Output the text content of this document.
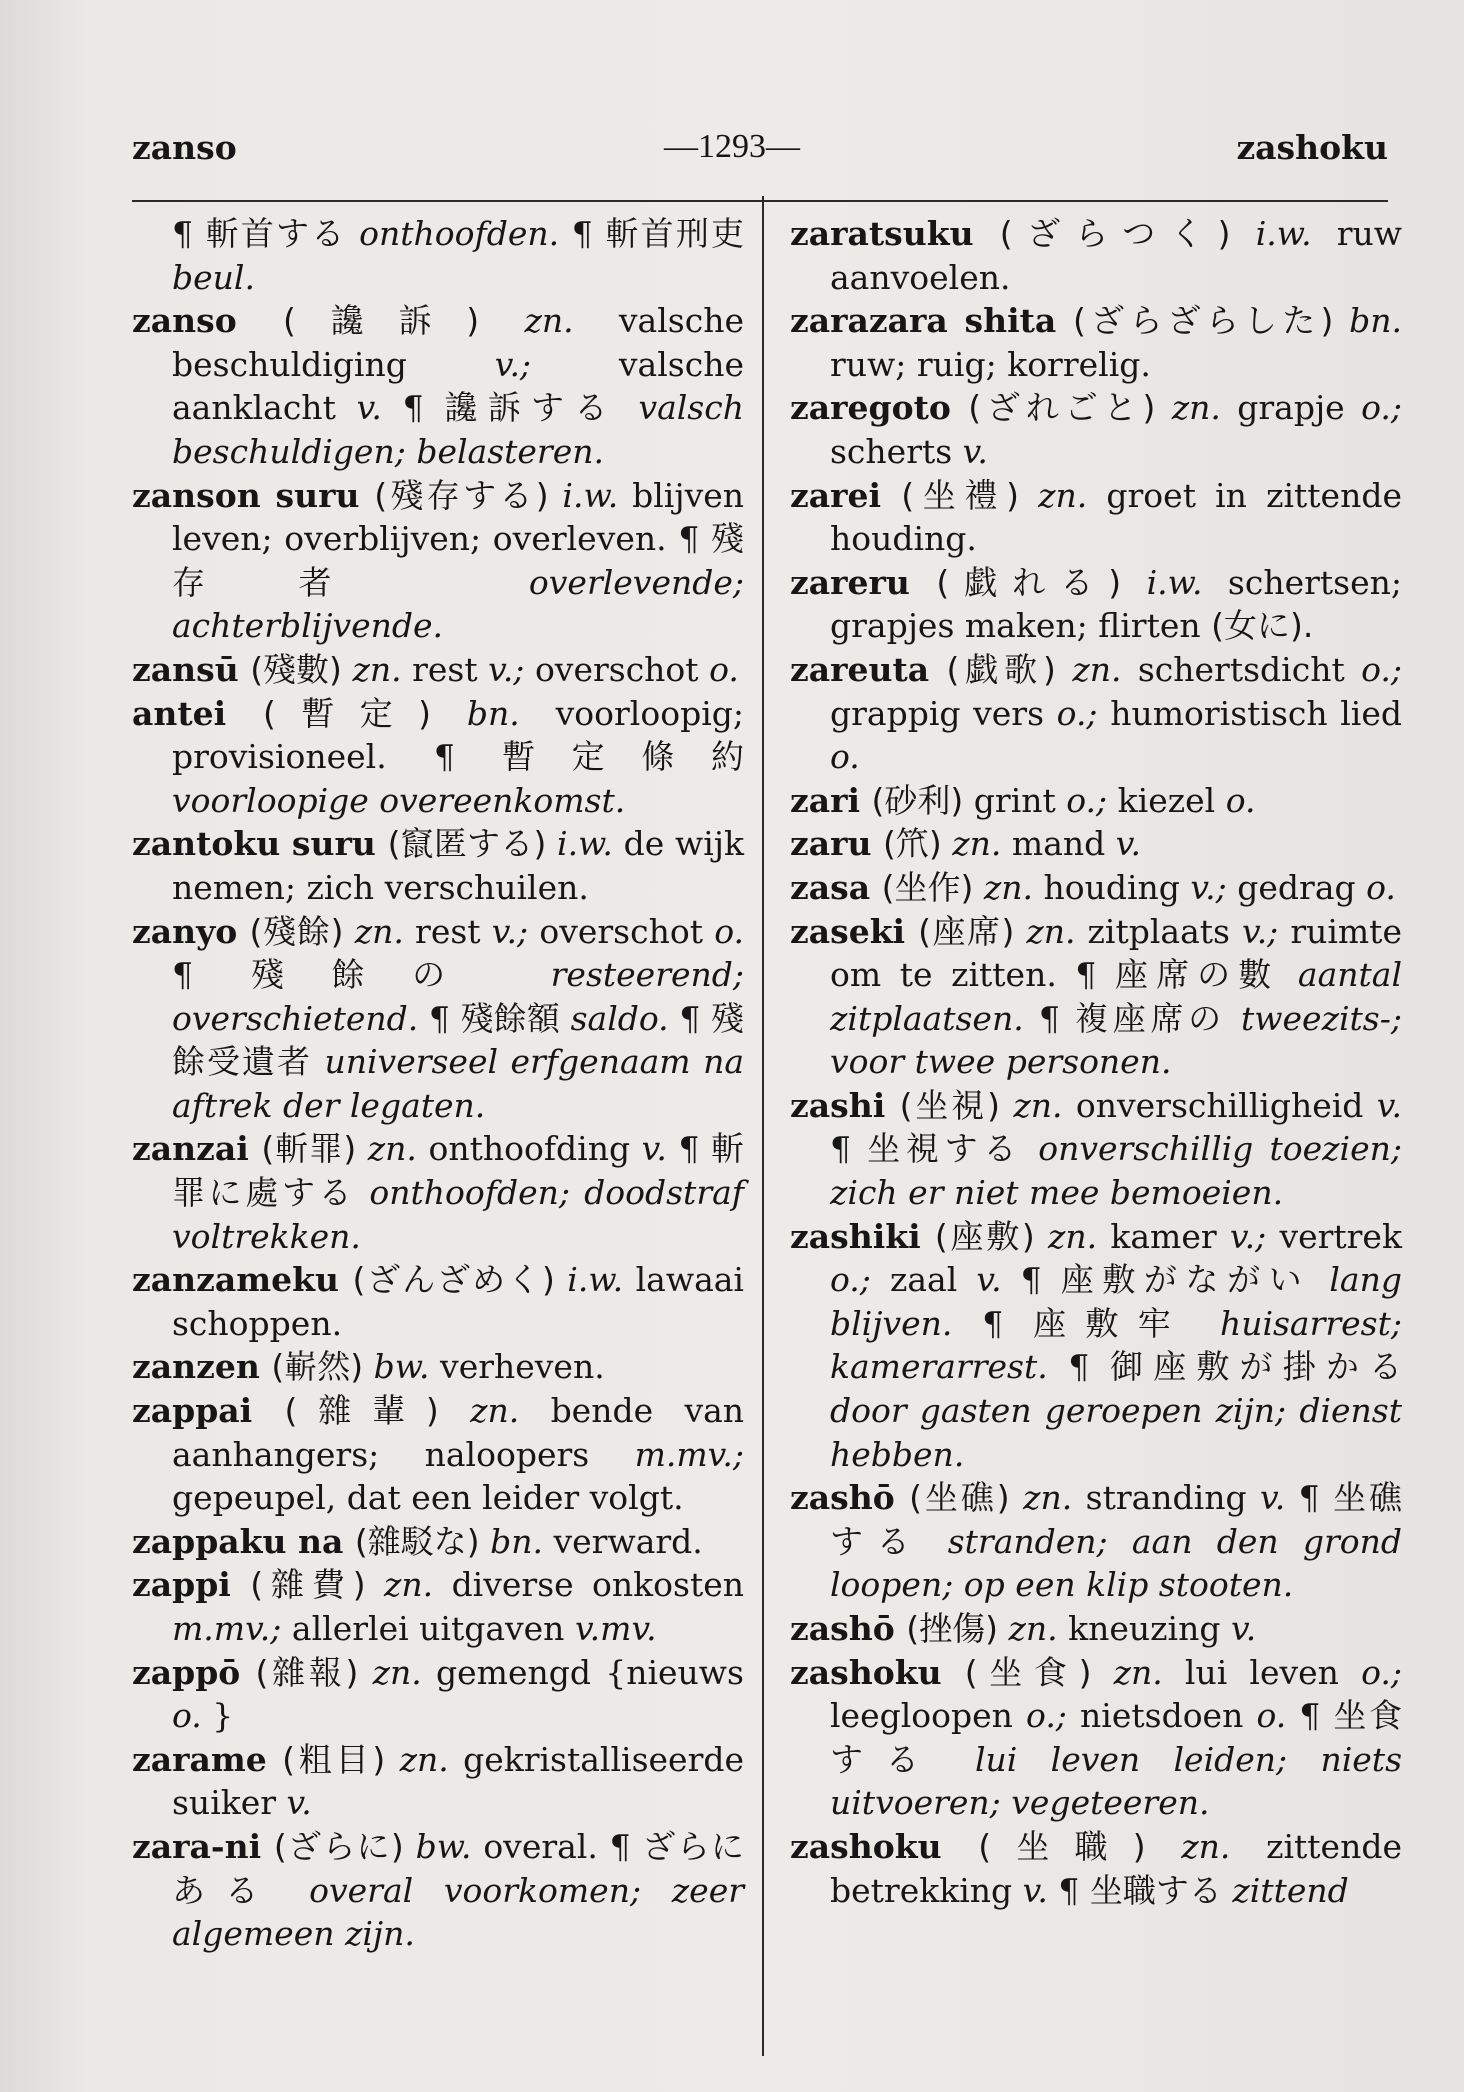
zanso	—1293—	zashoku

¶ 斬首する onthoofden. ¶ 斬首刑吏beul.

zanso (讒訴) zn. valsche beschuldiging	v.;	valsche aanklacht v. ¶ 讒訴する valsch beschuldigen; belasteren.

zanson suru (殘存する) i.w. blijven leven; overblijven; overleven. ¶ 殘存者	overlevende; achterblijvende.

zansū (殘數) zn. rest v.; overschot o.

antei (暫定) bn. voorloopig; provisioneel. ¶ 暫定條約voorloopige overeenkomst.

zantoku suru (竄匿する) i.w. de wijk nemen; zich verschuilen.

zanyo (殘餘) zn. rest v.; overschot o.¶ 殘餘の resteerend; overschietend. ¶ 殘餘額 saldo. ¶ 殘餘受遺者 universeel erfgenaam na aftrek der legaten.

zanzai (斬罪) zn. onthoofding v. ¶ 斬罪に處する onthoofden; doodstraf voltrekken.

zanzameku (ざんざめく) i.w. lawaai schoppen.

zanzen (嶄然) bw. verheven.

zappai (雜輩) zn. bende van aanhangers; naloopers m.mv.;gepeupel, dat een leider volgt.

zappaku na (雜駁な) bn. verward.

zappi (雜費) zn. diverse onkostenm.mv.; allerlei uitgaven v.mv.

zappō (雜報) zn. gemengd {nieuwso. }

zarame (粗目) zn. gekristalliseerde suiker v.

zara-ni (ざらに) bw. overal. ¶ ざらにある overal voorkomen; zeer algemeen zijn.

zaratsuku (ざらつく) i.w. ruw aanvoelen.

zarazara shita (ざらざらした) bn.ruw; ruig; korrelig.

zaregoto (ざれごと) zn. grapje o.;scherts v.

zarei (坐禮) zn. groet in zittende houding.

zareru (戯れる) i.w. schertsen; grapjes maken; flirten (女に).

zareuta (戯歌) zn. schertsdicht o.;grappig vers o.; humoristisch liedo.

zari (砂利) grint o.; kiezel o.

zaru (笊) zn. mand v.

zasa (坐作) zn. houding v.; gedrag o.

zaseki (座席) zn. zitplaats v.; ruimte om te zitten. ¶ 座席の數 aantal zitplaatsen. ¶ 複座席の tweezits-; voor twee personen.

zashi (坐視) zn. onverschilligheid v.¶ 坐視する onverschillig toezien; zich er niet mee bemoeien.

zashiki (座敷) zn. kamer v.; vertreko.; zaal v. ¶ 座敷がながい lang blijven. ¶ 座敷牢 huisarrest; kamerarrest. ¶ 御座敷が掛かるdoor gasten geroepen zijn; dienst hebben.

zashō (坐礁) zn. stranding v. ¶ 坐礁する stranden; aan den grond loopen; op een klip stooten.

zashō (挫傷) zn. kneuzing v.

zashoku (坐食) zn. lui leven o.;leegloopen o.; nietsdoen o. ¶ 坐食する lui leven leiden; niets uitvoeren; vegeteeren.

zashoku (坐職) zn. zittende betrekking v. ¶ 坐職する zittend
